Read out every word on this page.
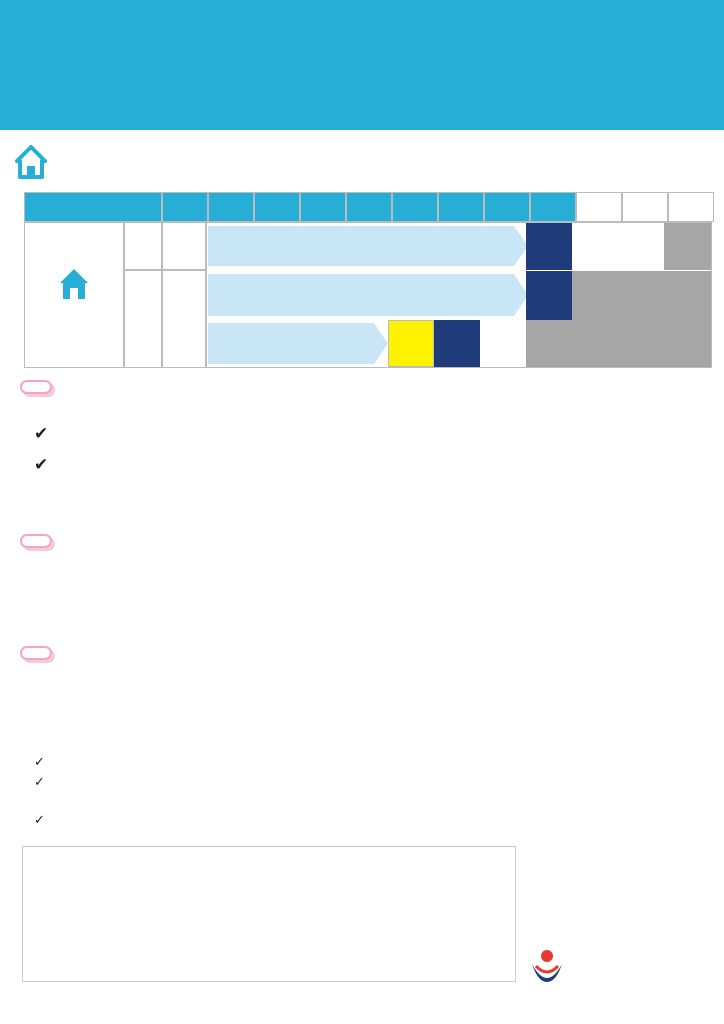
✔
✔
✓
✓
✓
